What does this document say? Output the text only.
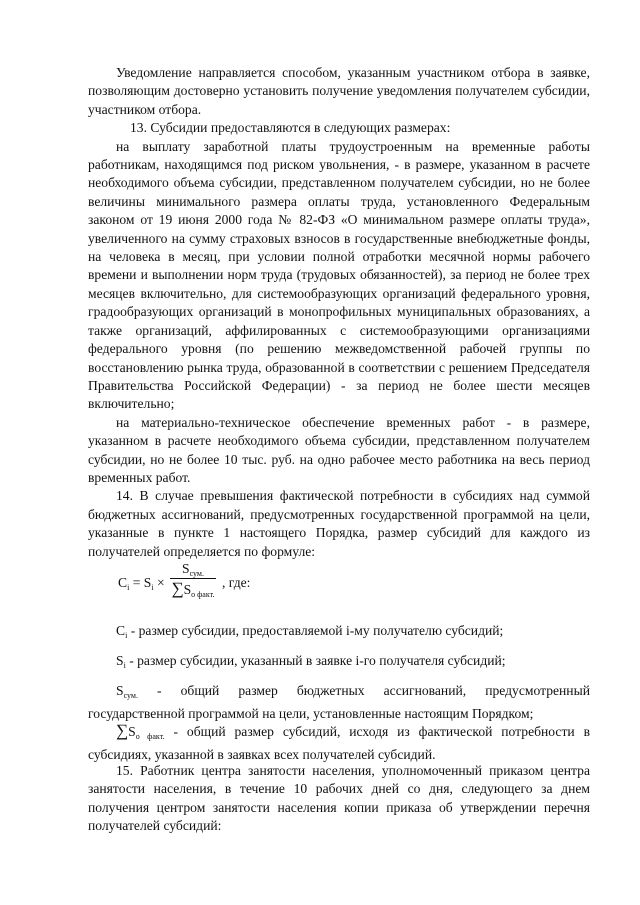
Уведомление направляется способом, указанным участником отбора в заявке, позволяющим достоверно установить получение уведомления получателем субсидии, участником отбора.

13. Субсидии предоставляются в следующих размерах:

на выплату заработной платы трудоустроенным на временные работы работникам, находящимся под риском увольнения, - в размере, указанном в расчете необходимого объема субсидии, представленном получателем субсидии, но не более величины минимального размера оплаты труда, установленного Федеральным законом от 19 июня 2000 года № 82-ФЗ «О минимальном размере оплаты труда», увеличенного на сумму страховых взносов в государственные внебюджетные фонды, на человека в месяц, при условии полной отработки месячной нормы рабочего времени и выполнении норм труда (трудовых обязанностей), за период не более трех месяцев включительно, для системообразующих организаций федерального уровня, градообразующих организаций в монопрофильных муниципальных образованиях, а также организаций, аффилированных с системообразующими организациями федерального уровня (по решению межведомственной рабочей группы по восстановлению рынка труда, образованной в соответствии с решением Председателя Правительства Российской Федерации) - за период не более шести месяцев включительно;

на материально-техническое обеспечение временных работ - в размере, указанном в расчете необходимого объема субсидии, представленном получателем субсидии, но не более 10 тыс. руб. на одно рабочее место работника на весь период временных работ.

14. В случае превышения фактической потребности в субсидиях над суммой бюджетных ассигнований, предусмотренных государственной программой на цели, указанные в пункте 1 настоящего Порядка, размер субсидий для каждого из получателей определяется по формуле:

$C_i = S_i$ ×
$S_{сум.}$
$\sum S_{о факт.}$
, где:

$C_i$ - размер субсидии, предоставляемой i-му получателю субсидий;

$S_i$ - размер субсидии, указанный в заявке i-го получателя субсидий;

$S_{сум.}$ - общий размер бюджетных ассигнований, предусмотренный государственной программой на цели, установленные настоящим Порядком;

$\sum S_{о факт.}$ - общий размер субсидий, исходя из фактической потребности в субсидиях, указанной в заявках всех получателей субсидий.

15. Работник центра занятости населения, уполномоченный приказом центра занятости населения, в течение 10 рабочих дней со дня, следующего за днем получения центром занятости населения копии приказа об утверждении перечня получателей субсидий:
